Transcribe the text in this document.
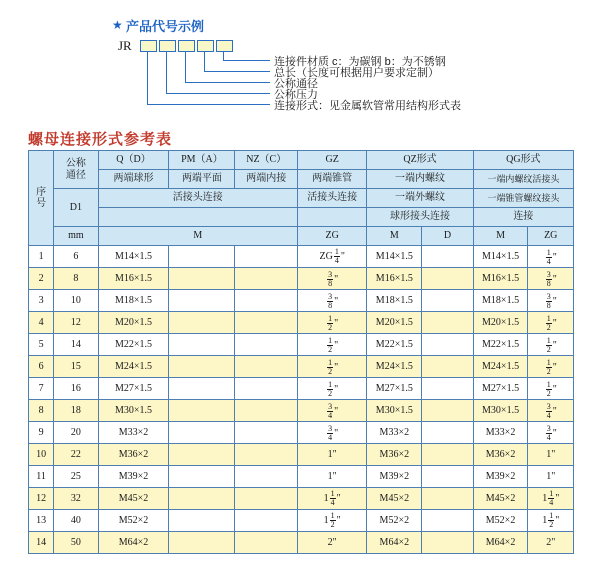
★ 产品代号示例
JR
连接件材质 c：为碳钢 b：为不锈钢
总长（长度可根据用户要求定制）
公称通径
公称压力
连接形式：见金属软管常用结构形式表
螺母连接形式参考表
序号	公称通径	Q（D）	PM（A）	NZ（C）	GZ	QZ形式		QG形式	
		两端球形	两端平面	两端内接	两端锥管	一端内螺纹		一端内螺纹活接头	
	D1	活接头连接			活接头连接	一端外螺纹		一端锥管螺纹接头	
						球形接头连接		连接	
	mm	M			ZG	M	D	M	ZG
1	6	M14×1.5			ZG $\frac{1}{4}$ "	M14×1.5		M14×1.5	$\frac{1}{4}$ "

2	8	M16×1.5			$\frac{3}{8}$ "	M16×1.5		M16×1.5	$\frac{3}{8}$ "

3	10	M18×1.5			$\frac{3}{8}$ "	M18×1.5		M18×1.5	$\frac{3}{8}$ "

4	12	M20×1.5			$\frac{1}{2}$ "	M20×1.5		M20×1.5	$\frac{1}{2}$ "

5	14	M22×1.5			$\frac{1}{2}$ "	M22×1.5		M22×1.5	$\frac{1}{2}$ "

6	15	M24×1.5			$\frac{1}{2}$ "	M24×1.5		M24×1.5	$\frac{1}{2}$ "

7	16	M27×1.5			$\frac{1}{2}$ "	M27×1.5		M27×1.5	$\frac{1}{2}$ "

8	18	M30×1.5			$\frac{3}{4}$ "	M30×1.5		M30×1.5	$\frac{3}{4}$ "

9	20	M33×2			$\frac{3}{4}$ "	M33×2		M33×2	$\frac{3}{4}$ "

10	22	M36×2			1"	M36×2		M36×2	1"

11	25	M39×2			1"	M39×2		M39×2	1"

12	32	M45×2			$1 \frac{1}{4}$ "	M45×2		M45×2	$1 \frac{1}{4}$ "

13	40	M52×2			$1 \frac{1}{2}$ "	M52×2		M52×2	$1 \frac{1}{2}$ "

14	50	M64×2			2"	M64×2		M64×2	2"
